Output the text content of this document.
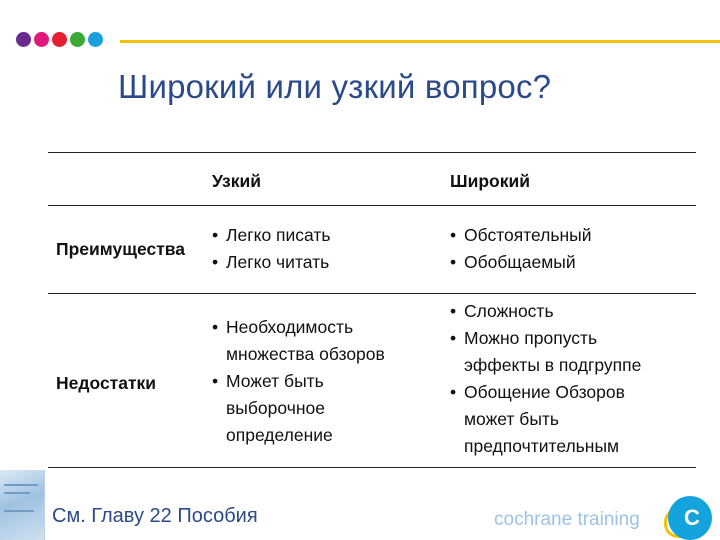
Широкий или узкий вопрос?
Узкий	Широкий
Преимущества
• Легко писать
• Легко читать
• Обстоятельный
• Обобщаемый
Недостатки
• Необходимость множества обзоров
• Может быть выборочное определение
• Сложность
• Можно пропусть эффекты в подгруппе
• Обощение Обзоров может быть предпочтительным
См. Главу 22 Пособия	cochrane training C
